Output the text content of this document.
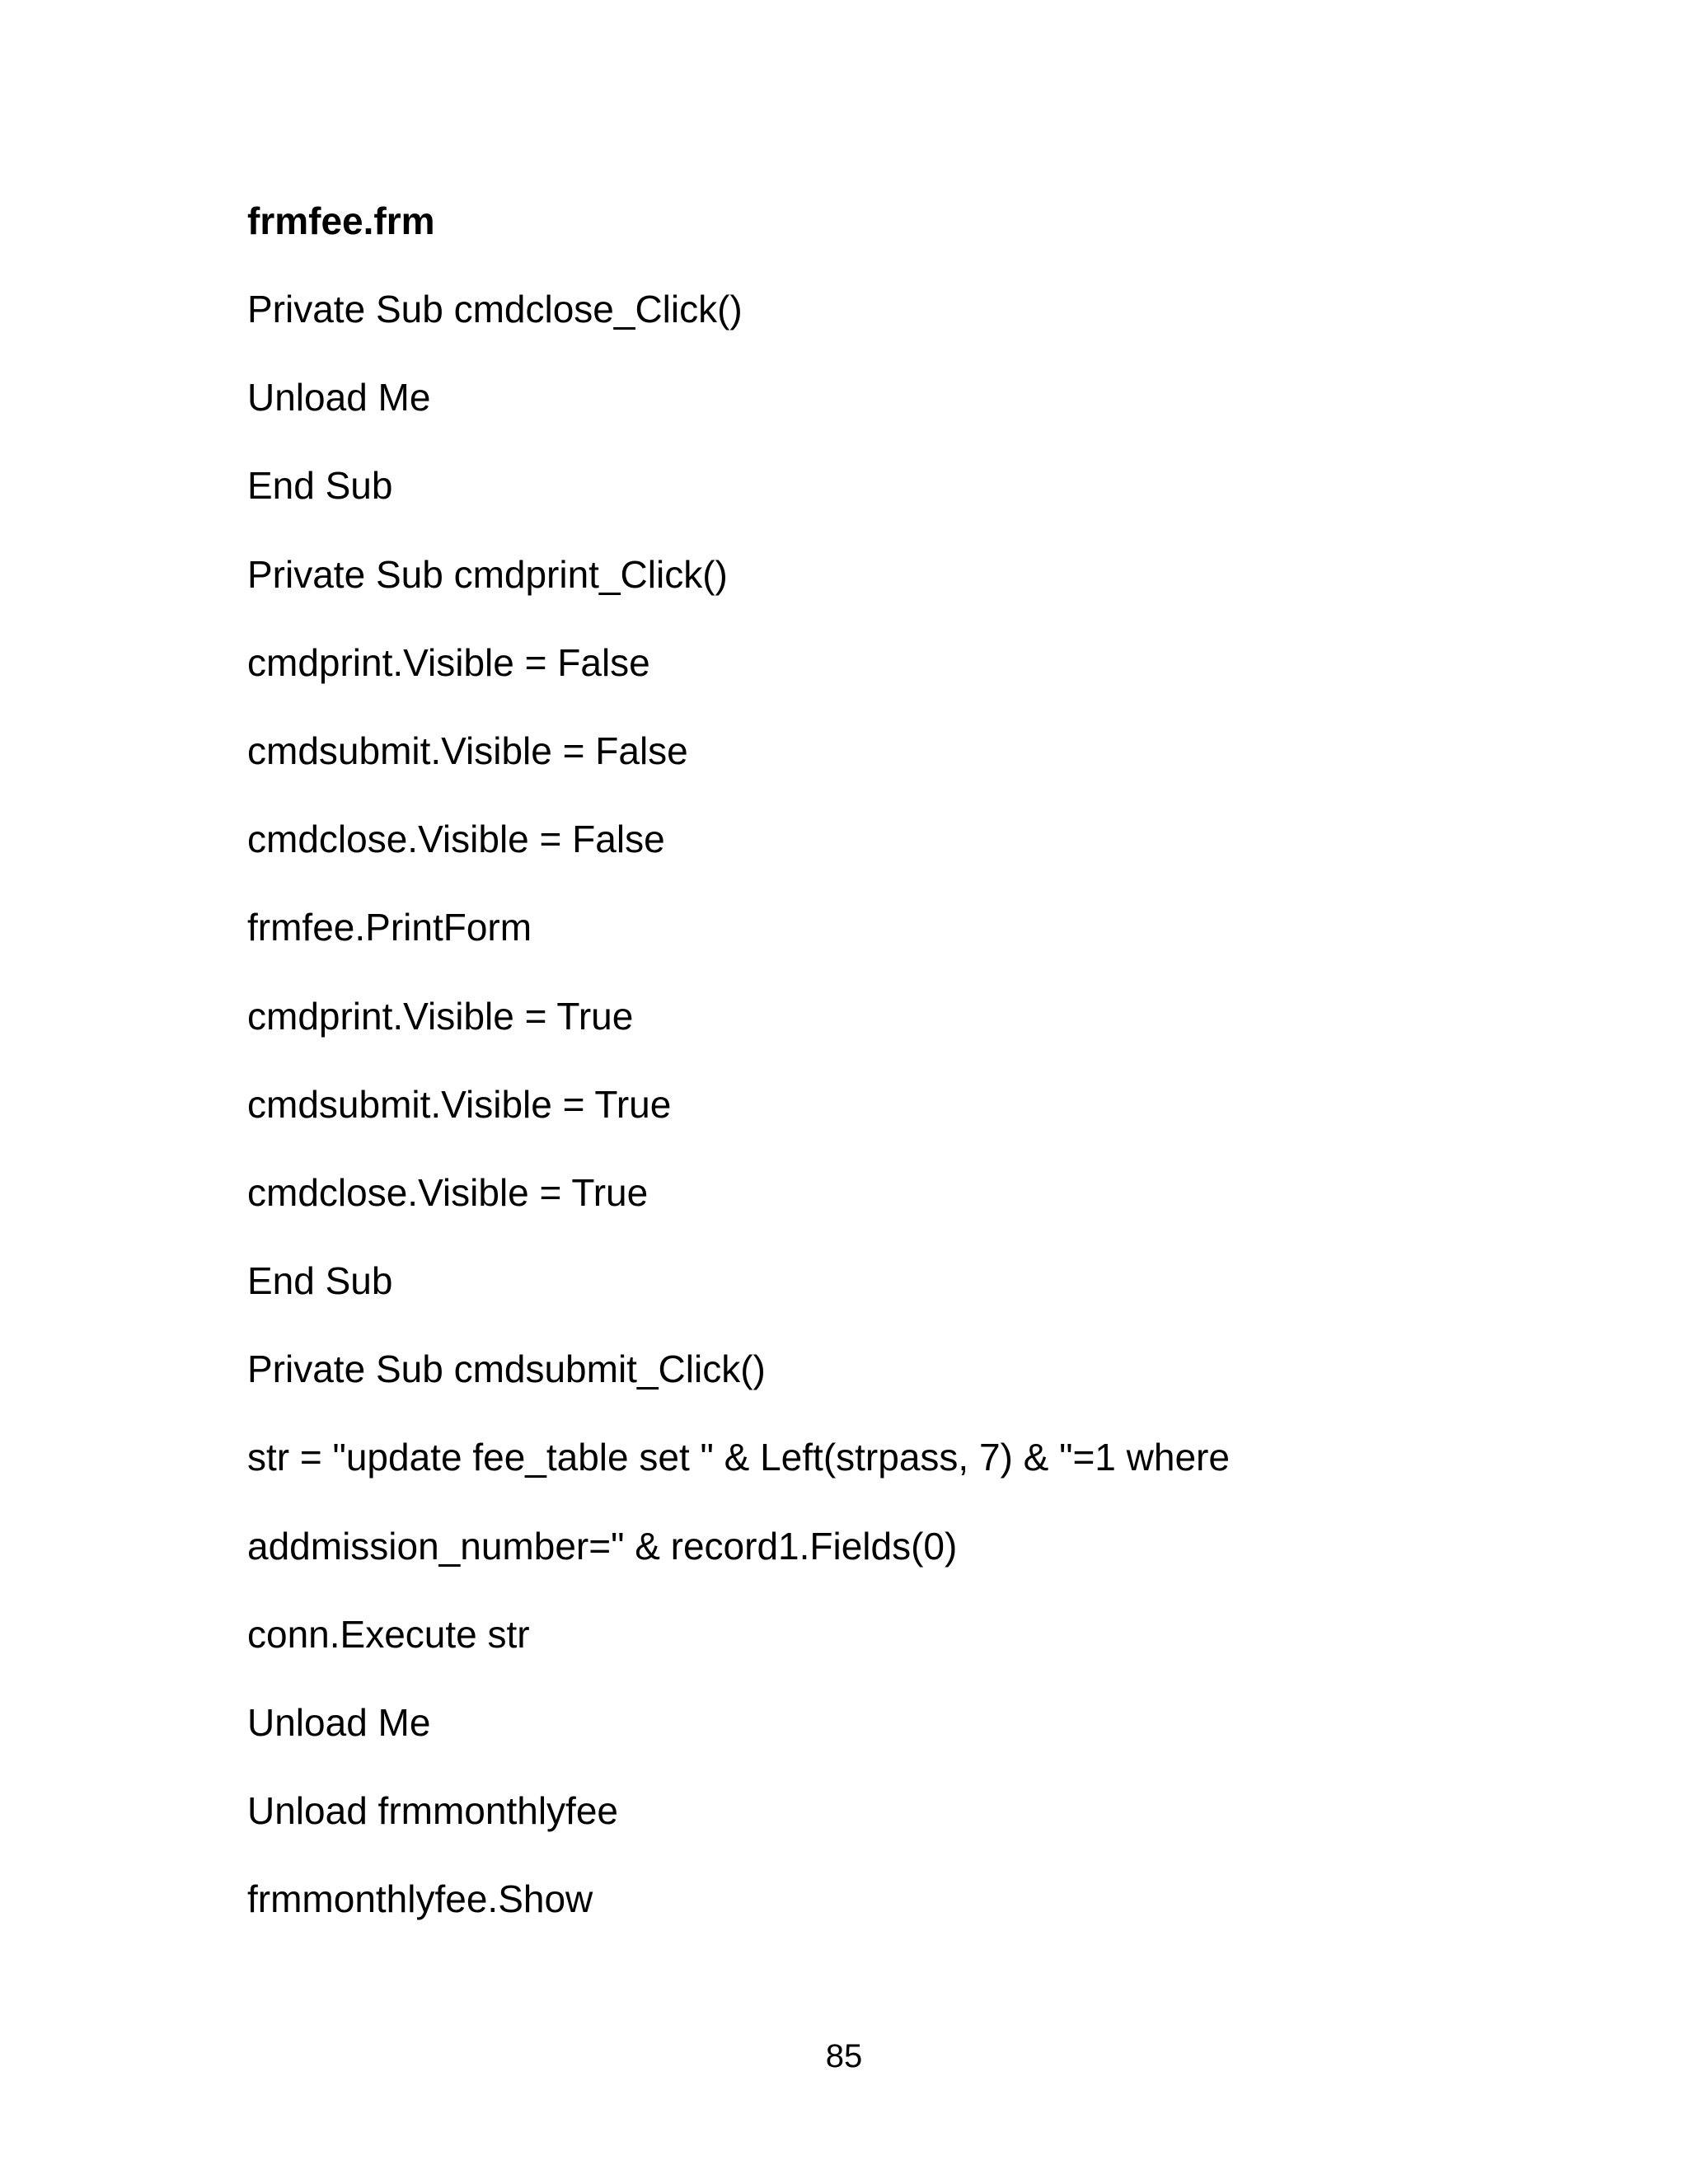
frmfee.frm
Private Sub cmdclose_Click()
Unload Me
End Sub
Private Sub cmdprint_Click()
cmdprint.Visible = False
cmdsubmit.Visible = False
cmdclose.Visible = False
frmfee.PrintForm
cmdprint.Visible = True
cmdsubmit.Visible = True
cmdclose.Visible = True
End Sub
Private Sub cmdsubmit_Click()
str = "update fee_table set " & Left(strpass, 7) & "=1 where
addmission_number=" & record1.Fields(0)
conn.Execute str
Unload Me
Unload frmmonthlyfee
frmmonthlyfee.Show
85
